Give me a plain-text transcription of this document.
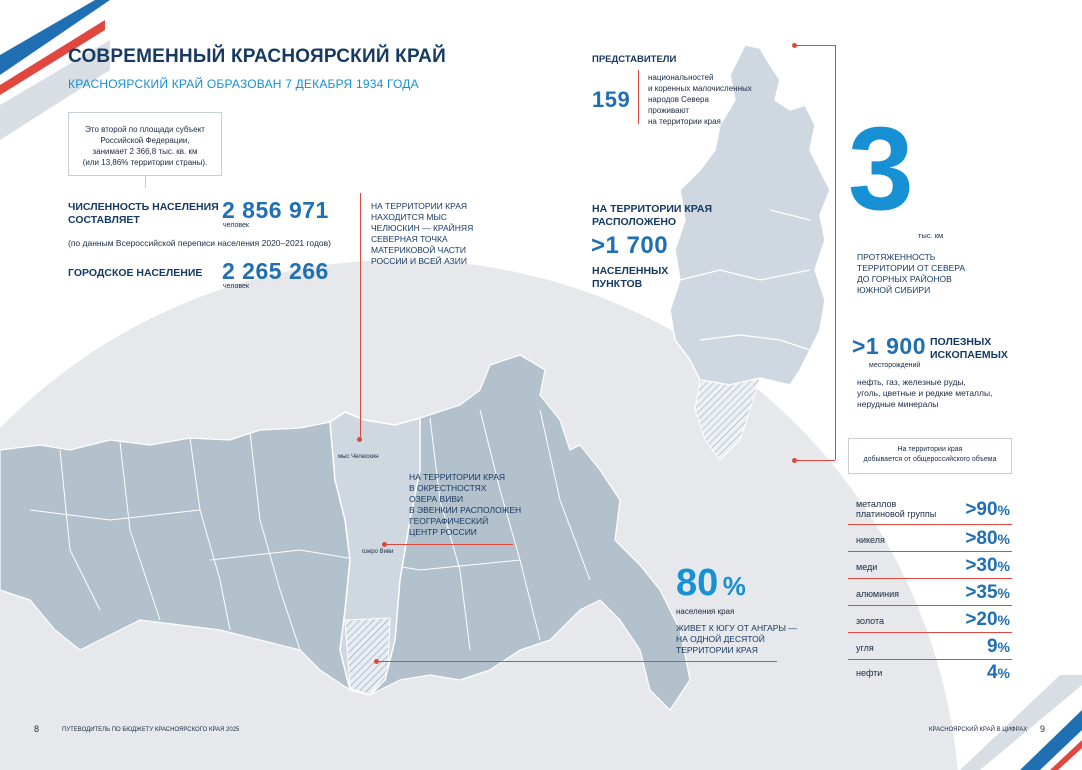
СОВРЕМЕННЫЙ КРАСНОЯРСКИЙ КРАЙ
КРАСНОЯРСКИЙ КРАЙ ОБРАЗОВАН 7 ДЕКАБРЯ 1934 ГОДА
Это второй по площади субъект
Российской Федерации,
занимает 2 366,8 тыс. кв. км
(или 13,86% территории страны).
ЧИСЛЕННОСТЬ НАСЕЛЕНИЯ
СОСТАВЛЯЕТ	2 856 971
человек
(по данным Всероссийской переписи населения 2020–2021 годов)
ГОРОДСКОЕ НАСЕЛЕНИЕ 2 265 266
человек
НА ТЕРРИТОРИИ КРАЯ
НАХОДИТСЯ МЫС
ЧЕЛЮСКИН — КРАЙНЯЯ
СЕВЕРНАЯ ТОЧКА
МАТЕРИКОВОЙ ЧАСТИ
РОССИИ И ВСЕЙ АЗИИ
мыс Челюскин
НА ТЕРРИТОРИИ КРАЯ
В ОКРЕСТНОСТЯХ
ОЗЕРА ВИВИ
В ЭВЕНКИИ РАСПОЛОЖЕН
ГЕОГРАФИЧЕСКИЙ
ЦЕНТР РОССИИ
озеро Виви
80 %
населения края
ЖИВЕТ К ЮГУ ОТ АНГАРЫ —
НА ОДНОЙ ДЕСЯТОЙ
ТЕРРИТОРИИ КРАЯ
ПРЕДСТАВИТЕЛИ
159
национальностей
и коренных малочисленных
народов Севера
проживают
на территории края
НА ТЕРРИТОРИИ КРАЯ
РАСПОЛОЖЕНО
>1 700
НАСЕЛЕННЫХ
ПУНКТОВ
3
тыс. км
ПРОТЯЖЕННОСТЬ
ТЕРРИТОРИИ ОТ СЕВЕРА
ДО ГОРНЫХ РАЙОНОВ
ЮЖНОЙ СИБИРИ
>1 900 ПОЛЕЗНЫХ
ИСКОПАЕМЫХ
месторождений
нефть, газ, железные руды,
уголь, цветные и редкие металлы,
нерудные минералы
На территории края
добывается от общероссийского объема
металлов
платиновой группы >90%
никеля	>80%
меди	>30%
алюминия	>35%
золота	>20%
угля	9%
нефти	4%
8	ПУТЕВОДИТЕЛЬ ПО БЮДЖЕТУ КРАСНОЯРСКОГО КРАЯ 2025	КРАСНОЯРСКИЙ КРАЙ В ЦИФРАХ 9
